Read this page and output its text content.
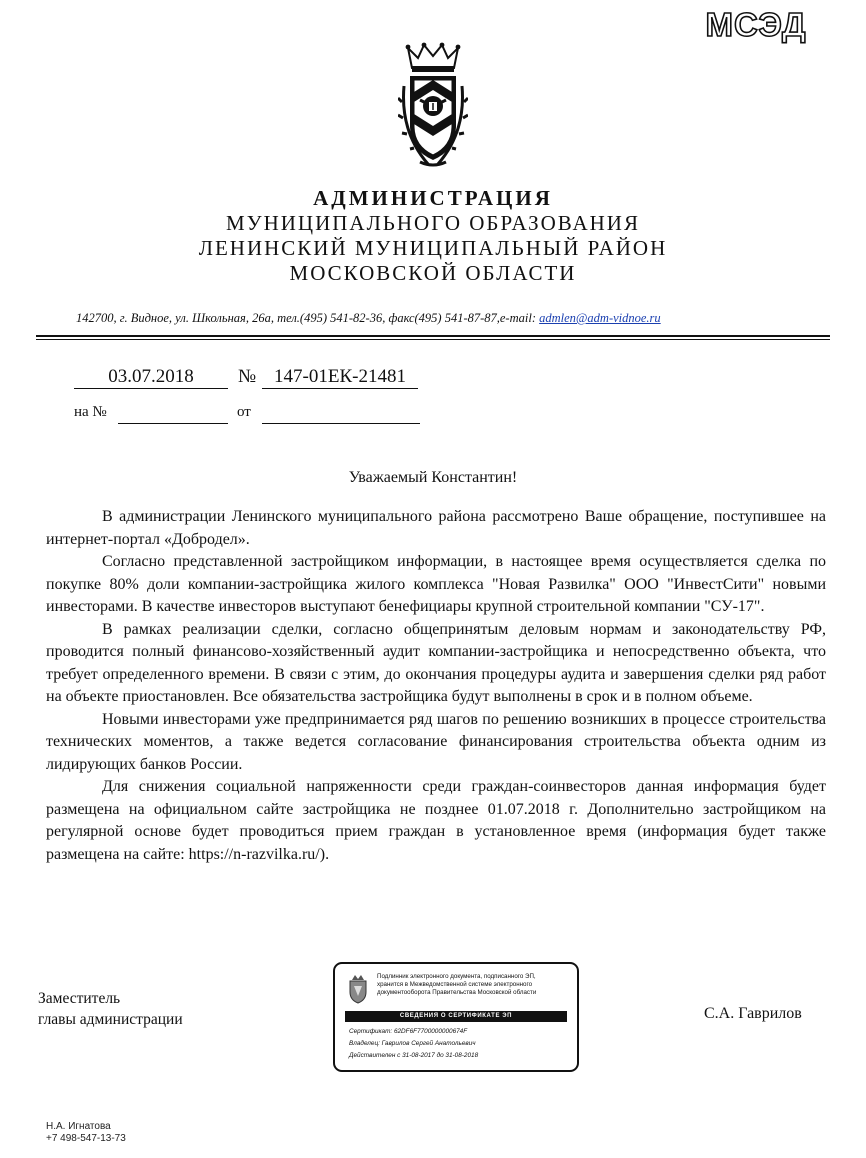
МСЭД
АДМИНИСТРАЦИЯ
МУНИЦИПАЛЬНОГО ОБРАЗОВАНИЯ
ЛЕНИНСКИЙ МУНИЦИПАЛЬНЫЙ РАЙОН
МОСКОВСКОЙ ОБЛАСТИ
142700, г. Видное, ул. Школьная, 26а, тел.(495) 541-82-36, факс(495) 541-87-87,e-mail: admlen@adm-vidnoe.ru
03.07.2018	№ 147-01ЕК-21481
на №	от
Уважаемый Константин!

В администрации Ленинского муниципального района рассмотрено Ваше обращение, поступившее на интернет-портал «Добродел».

Согласно представленной застройщиком информации, в настоящее время осуществляется сделка по покупке 80% доли компании-застройщика жилого комплекса "Новая Развилка" ООО "ИнвестСити" новыми инвесторами. В качестве инвесторов выступают бенефициары крупной строительной компании "СУ-17".

В рамках реализации сделки, согласно общепринятым деловым нормам и законодательству РФ, проводится полный финансово-хозяйственный аудит компании-застройщика и непосредственно объекта, что требует определенного времени. В связи с этим, до окончания процедуры аудита и завершения сделки ряд работ на объекте приостановлен. Все обязательства застройщика будут выполнены в срок и в полном объеме.

Новыми инвесторами уже предпринимается ряд шагов по решению возникших в процессе строительства технических моментов, а также ведется согласование финансирования строительства объекта одним из лидирующих банков России.

Для снижения социальной напряженности среди граждан-соинвесторов данная информация будет размещена на официальном сайте застройщика не позднее 01.07.2018 г. Дополнительно застройщиком на регулярной основе будет проводиться прием граждан в установленное время (информация будет также размещена на сайте: https://n-razvilka.ru/).

Заместитель
главы администрации	С.А. Гаврилов
Подлинник электронного документа, подписанного ЭП,
хранится в Межведомственной системе электронного
документооборота Правительства Московской области
СВЕДЕНИЯ О СЕРТИФИКАТЕ ЭП
Сертификат: 62DF6F7700000000674F
Владелец: Гаврилов Сергей Анатольевич
Действителен с 31-08-2017 до 31-08-2018
Н.А. Игнатова
+7 498-547-13-73
